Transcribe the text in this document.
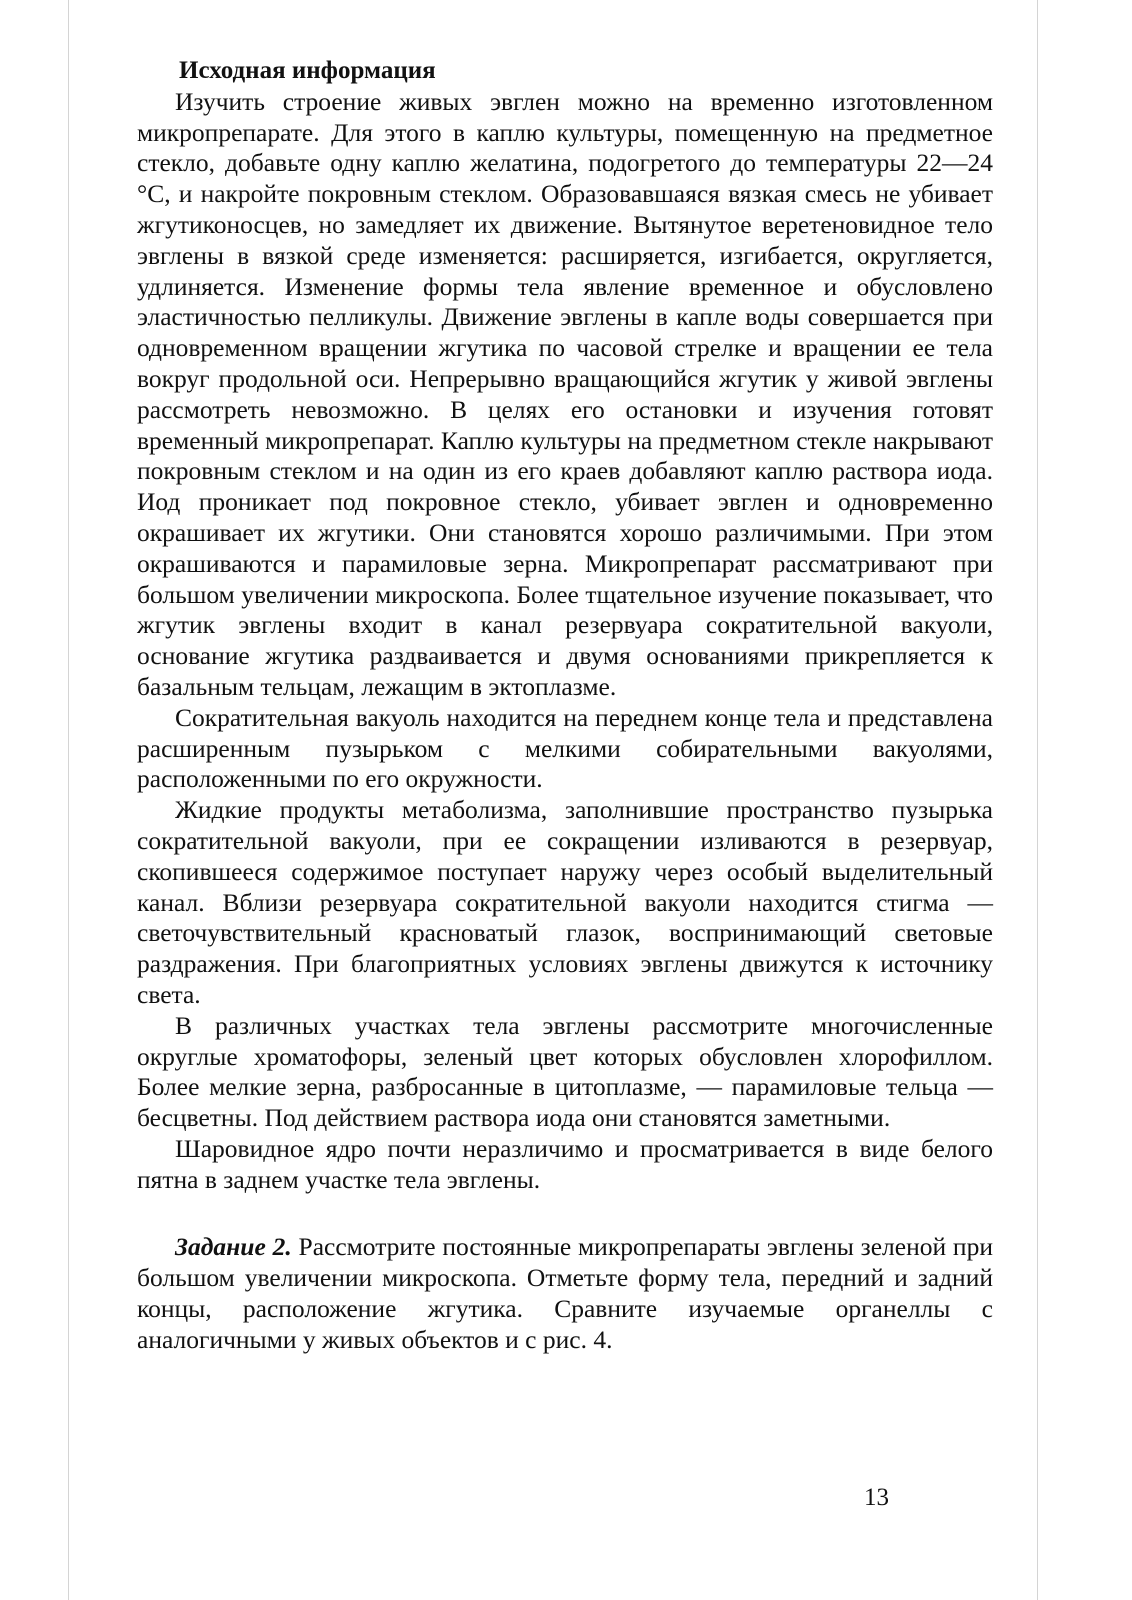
Исходная информация

Изучить строение живых эвглен можно на временно изготовленном микропрепарате. Для этого в каплю культуры, помещенную на предметное стекло, добавьте одну каплю желатина, подогретого до температуры 22—24 °С, и накройте покровным стеклом. Образовавшаяся вязкая смесь не убивает жгутиконосцев, но замедляет их движение. Вытянутое веретеновидное тело эвглены в вязкой среде изменяется: расширяется, изгибается, округляется, удлиняется. Изменение формы тела явление временное и обусловлено эластичностью пелликулы. Движение эвглены в капле воды совершается при одновременном вращении жгутика по часовой стрелке и вращении ее тела вокруг продольной оси. Непрерывно вращающийся жгутик у живой эвглены рассмотреть невозможно. В целях его остановки и изучения готовят временный микропрепарат. Каплю культуры на предметном стекле накрывают покровным стеклом и на один из его краев добавляют каплю раствора иода. Иод проникает под покровное стекло, убивает эвглен и одновременно окрашивает их жгутики. Они становятся хорошо различимыми. При этом окрашиваются и парамиловые зерна. Микропрепарат рассматривают при большом увеличении микроскопа. Более тщательное изучение показывает, что жгутик эвглены входит в канал резервуара сократительной вакуоли, основание жгутика раздваивается и двумя основаниями прикрепляется к базальным тельцам, лежащим в эктоплазме.

Сократительная вакуоль находится на переднем конце тела и представлена расширенным пузырьком с мелкими собирательными вакуолями, расположенными по его окружности.

Жидкие продукты метаболизма, заполнившие пространство пузырька сократительной вакуоли, при ее сокращении изливаются в резервуар, скопившееся содержимое поступает наружу через особый выделительный канал. Вблизи резервуара сократительной вакуоли находится стигма — светочувствительный красноватый глазок, воспринимающий световые раздражения. При благоприятных условиях эвглены движутся к источнику света.

В различных участках тела эвглены рассмотрите многочисленные округлые хроматофоры, зеленый цвет которых обусловлен хлорофиллом. Более мелкие зерна, разбросанные в цитоплазме, — парамиловые тельца — бесцветны. Под действием раствора иода они становятся заметными.

Шаровидное ядро почти неразличимо и просматривается в виде белого пятна в заднем участке тела эвглены.

Задание 2. Рассмотрите постоянные микропрепараты эвглены зеленой при большом увеличении микроскопа. Отметьте форму тела, передний и задний концы, расположение жгутика. Сравните изучаемые органеллы с аналогичными у живых объектов и с рис. 4.

13
